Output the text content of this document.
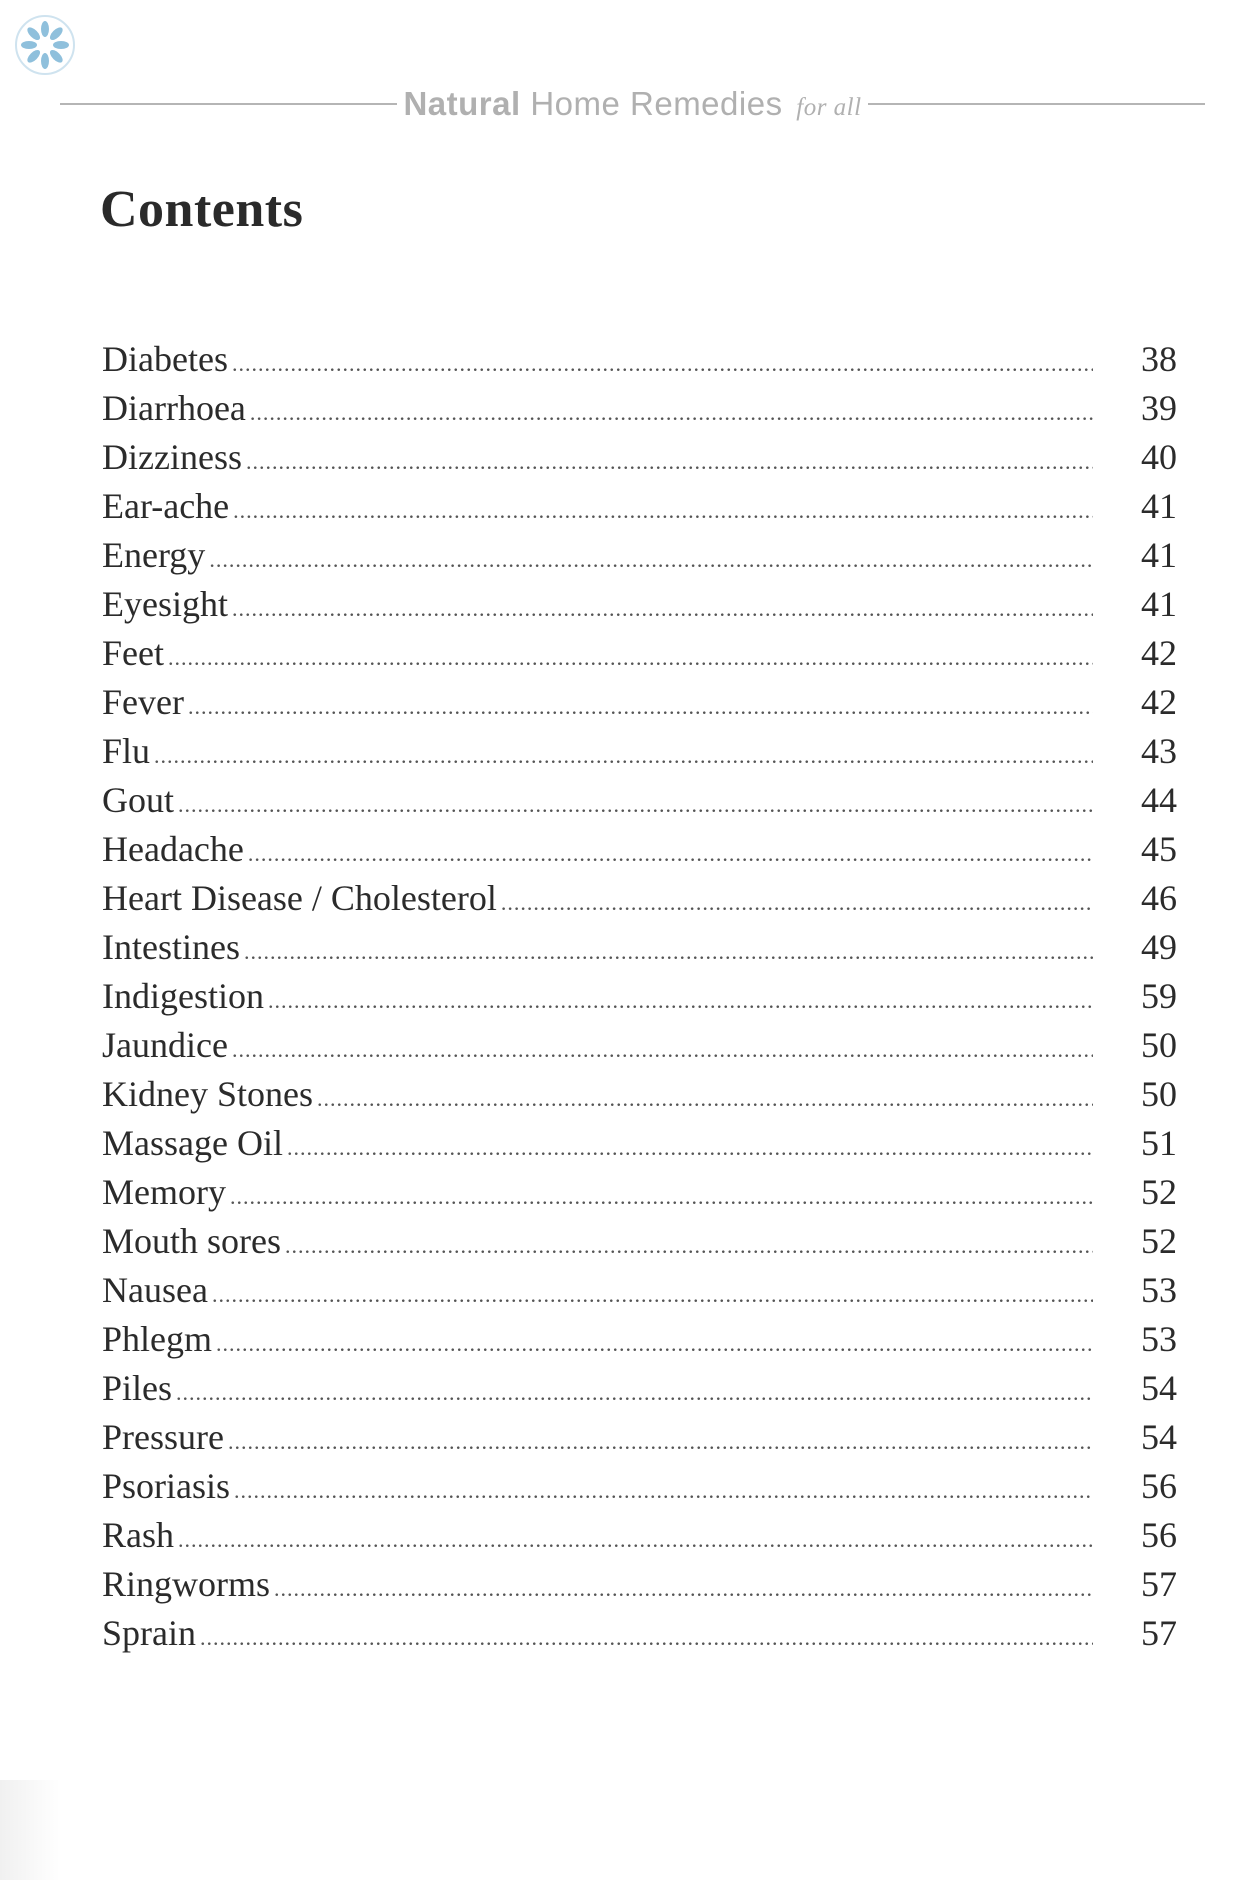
Natural Home Remedies for all
Contents
Diabetes .....	38
Diarrhoea .....	39
Dizziness .....	40
Ear-ache .....	41
Energy .....	41
Eyesight .....	41
Feet .....	42
Fever .....	42
Flu .....	43
Gout .....	44
Headache .....	45
Heart Disease / Cholesterol .....	46
Intestines .....	49
Indigestion .....	59
Jaundice .....	50
Kidney Stones .....	50
Massage Oil .....	51
Memory .....	52
Mouth sores .....	52
Nausea .....	53
Phlegm .....	53
Piles .....	54
Pressure .....	54
Psoriasis .....	56
Rash .....	56
Ringworms .....	57
Sprain .....	57
